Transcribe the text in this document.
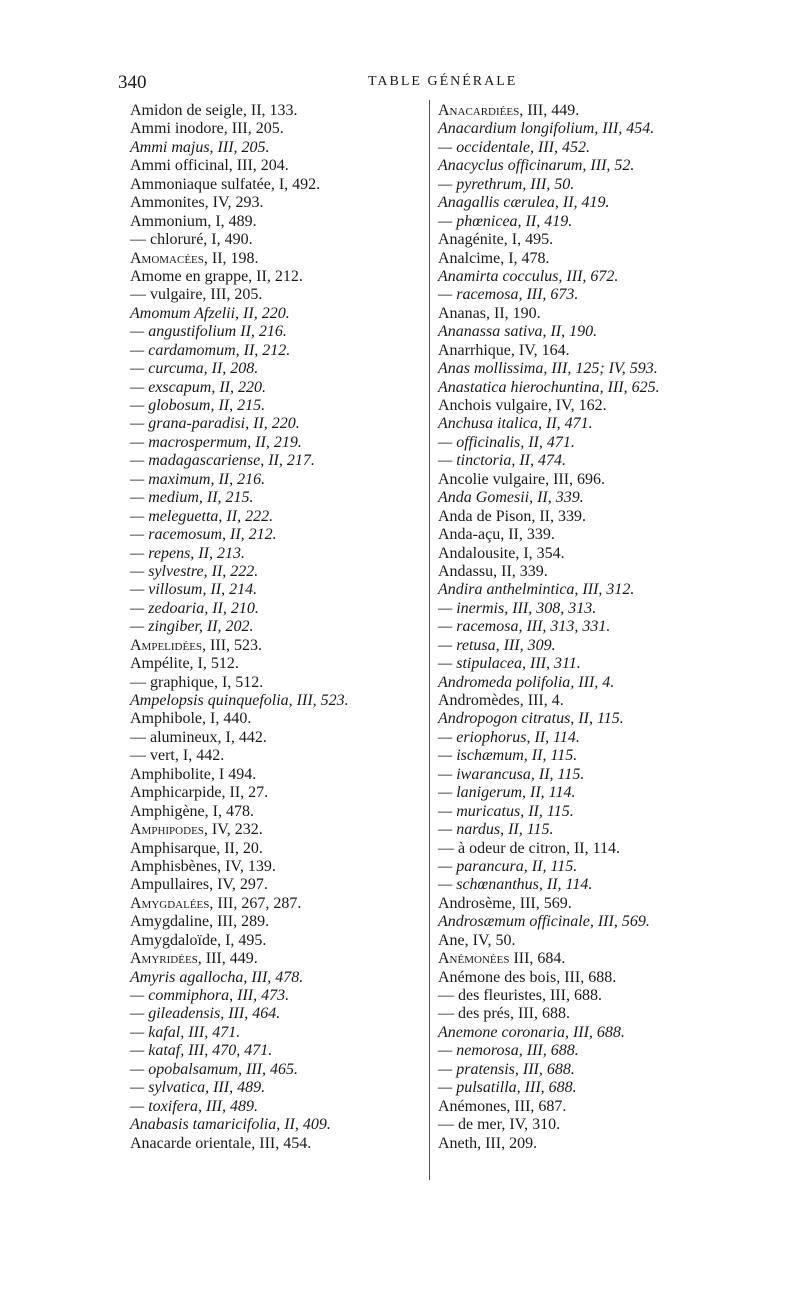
340	TABLE GÉNÉRALE
Amidon de seigle, II, 133.
Ammi inodore, III, 205.
Ammi majus, III, 205.
Ammi officinal, III, 204.
Ammoniaque sulfatée, I, 492.
Ammonites, IV, 293.
Ammonium, I, 489.
— chloruré, I, 490.
Amomacées, II, 198.
Amome en grappe, II, 212.
— vulgaire, III, 205.
Amomum Afzelii, II, 220.
— angustifolium II, 216.
— cardamomum, II, 212.
— curcuma, II, 208.
— exscapum, II, 220.
— globosum, II, 215.
— grana-paradisi, II, 220.
— macrospermum, II, 219.
— madagascariense, II, 217.
— maximum, II, 216.
— medium, II, 215.
— meleguetta, II, 222.
— racemosum, II, 212.
— repens, II, 213.
— sylvestre, II, 222.
— villosum, II, 214.
— zedoaria, II, 210.
— zingiber, II, 202.
Ampelidées, III, 523.
Ampélite, I, 512.
— graphique, I, 512.
Ampelopsis quinquefolia, III, 523.
Amphibole, I, 440.
— alumineux, I, 442.
— vert, I, 442.
Amphibolite, I 494.
Amphicarpide, II, 27.
Amphigène, I, 478.
Amphipodes, IV, 232.
Amphisarque, II, 20.
Amphisbènes, IV, 139.
Ampullaires, IV, 297.
Amygdalées, III, 267, 287.
Amygdaline, III, 289.
Amygdaloïde, I, 495.
Amyridées, III, 449.
Amyris agallocha, III, 478.
— commiphora, III, 473.
— gileadensis, III, 464.
— kafal, III, 471.
— kataf, III, 470, 471.
— opobalsamum, III, 465.
— sylvatica, III, 489.
— toxifera, III, 489.
Anabasis tamaricifolia, II, 409.
Anacarde orientale, III, 454.
Anacardiées, III, 449.
Anacardium longifolium, III, 454.
— occidentale, III, 452.
Anacyclus officinarum, III, 52.
— pyrethrum, III, 50.
Anagallis cærulea, II, 419.
— phœnicea, II, 419.
Anagénite, I, 495.
Analcime, I, 478.
Anamirta cocculus, III, 672.
— racemosa, III, 673.
Ananas, II, 190.
Ananassa sativa, II, 190.
Anarrhique, IV, 164.
Anas mollissima, III, 125; IV, 593.
Anastatica hierochuntina, III, 625.
Anchois vulgaire, IV, 162.
Anchusa italica, II, 471.
— officinalis, II, 471.
— tinctoria, II, 474.
Ancolie vulgaire, III, 696.
Anda Gomesii, II, 339.
Anda de Pison, II, 339.
Anda-açu, II, 339.
Andalousite, I, 354.
Andassu, II, 339.
Andira anthelmintica, III, 312.
— inermis, III, 308, 313.
— racemosa, III, 313, 331.
— retusa, III, 309.
— stipulacea, III, 311.
Andromeda polifolia, III, 4.
Andromèdes, III, 4.
Andropogon citratus, II, 115.
— eriophorus, II, 114.
— ischæmum, II, 115.
— iwarancusa, II, 115.
— lanigerum, II, 114.
— muricatus, II, 115.
— nardus, II, 115.
— à odeur de citron, II, 114.
— parancura, II, 115.
— schœnanthus, II, 114.
Androsème, III, 569.
Androsæmum officinale, III, 569.
Ane, IV, 50.
Anémonées III, 684.
Anémone des bois, III, 688.
— des fleuristes, III, 688.
— des prés, III, 688.
Anemone coronaria, III, 688.
— nemorosa, III, 688.
— pratensis, III, 688.
— pulsatilla, III, 688.
Anémones, III, 687.
— de mer, IV, 310.
Aneth, III, 209.
